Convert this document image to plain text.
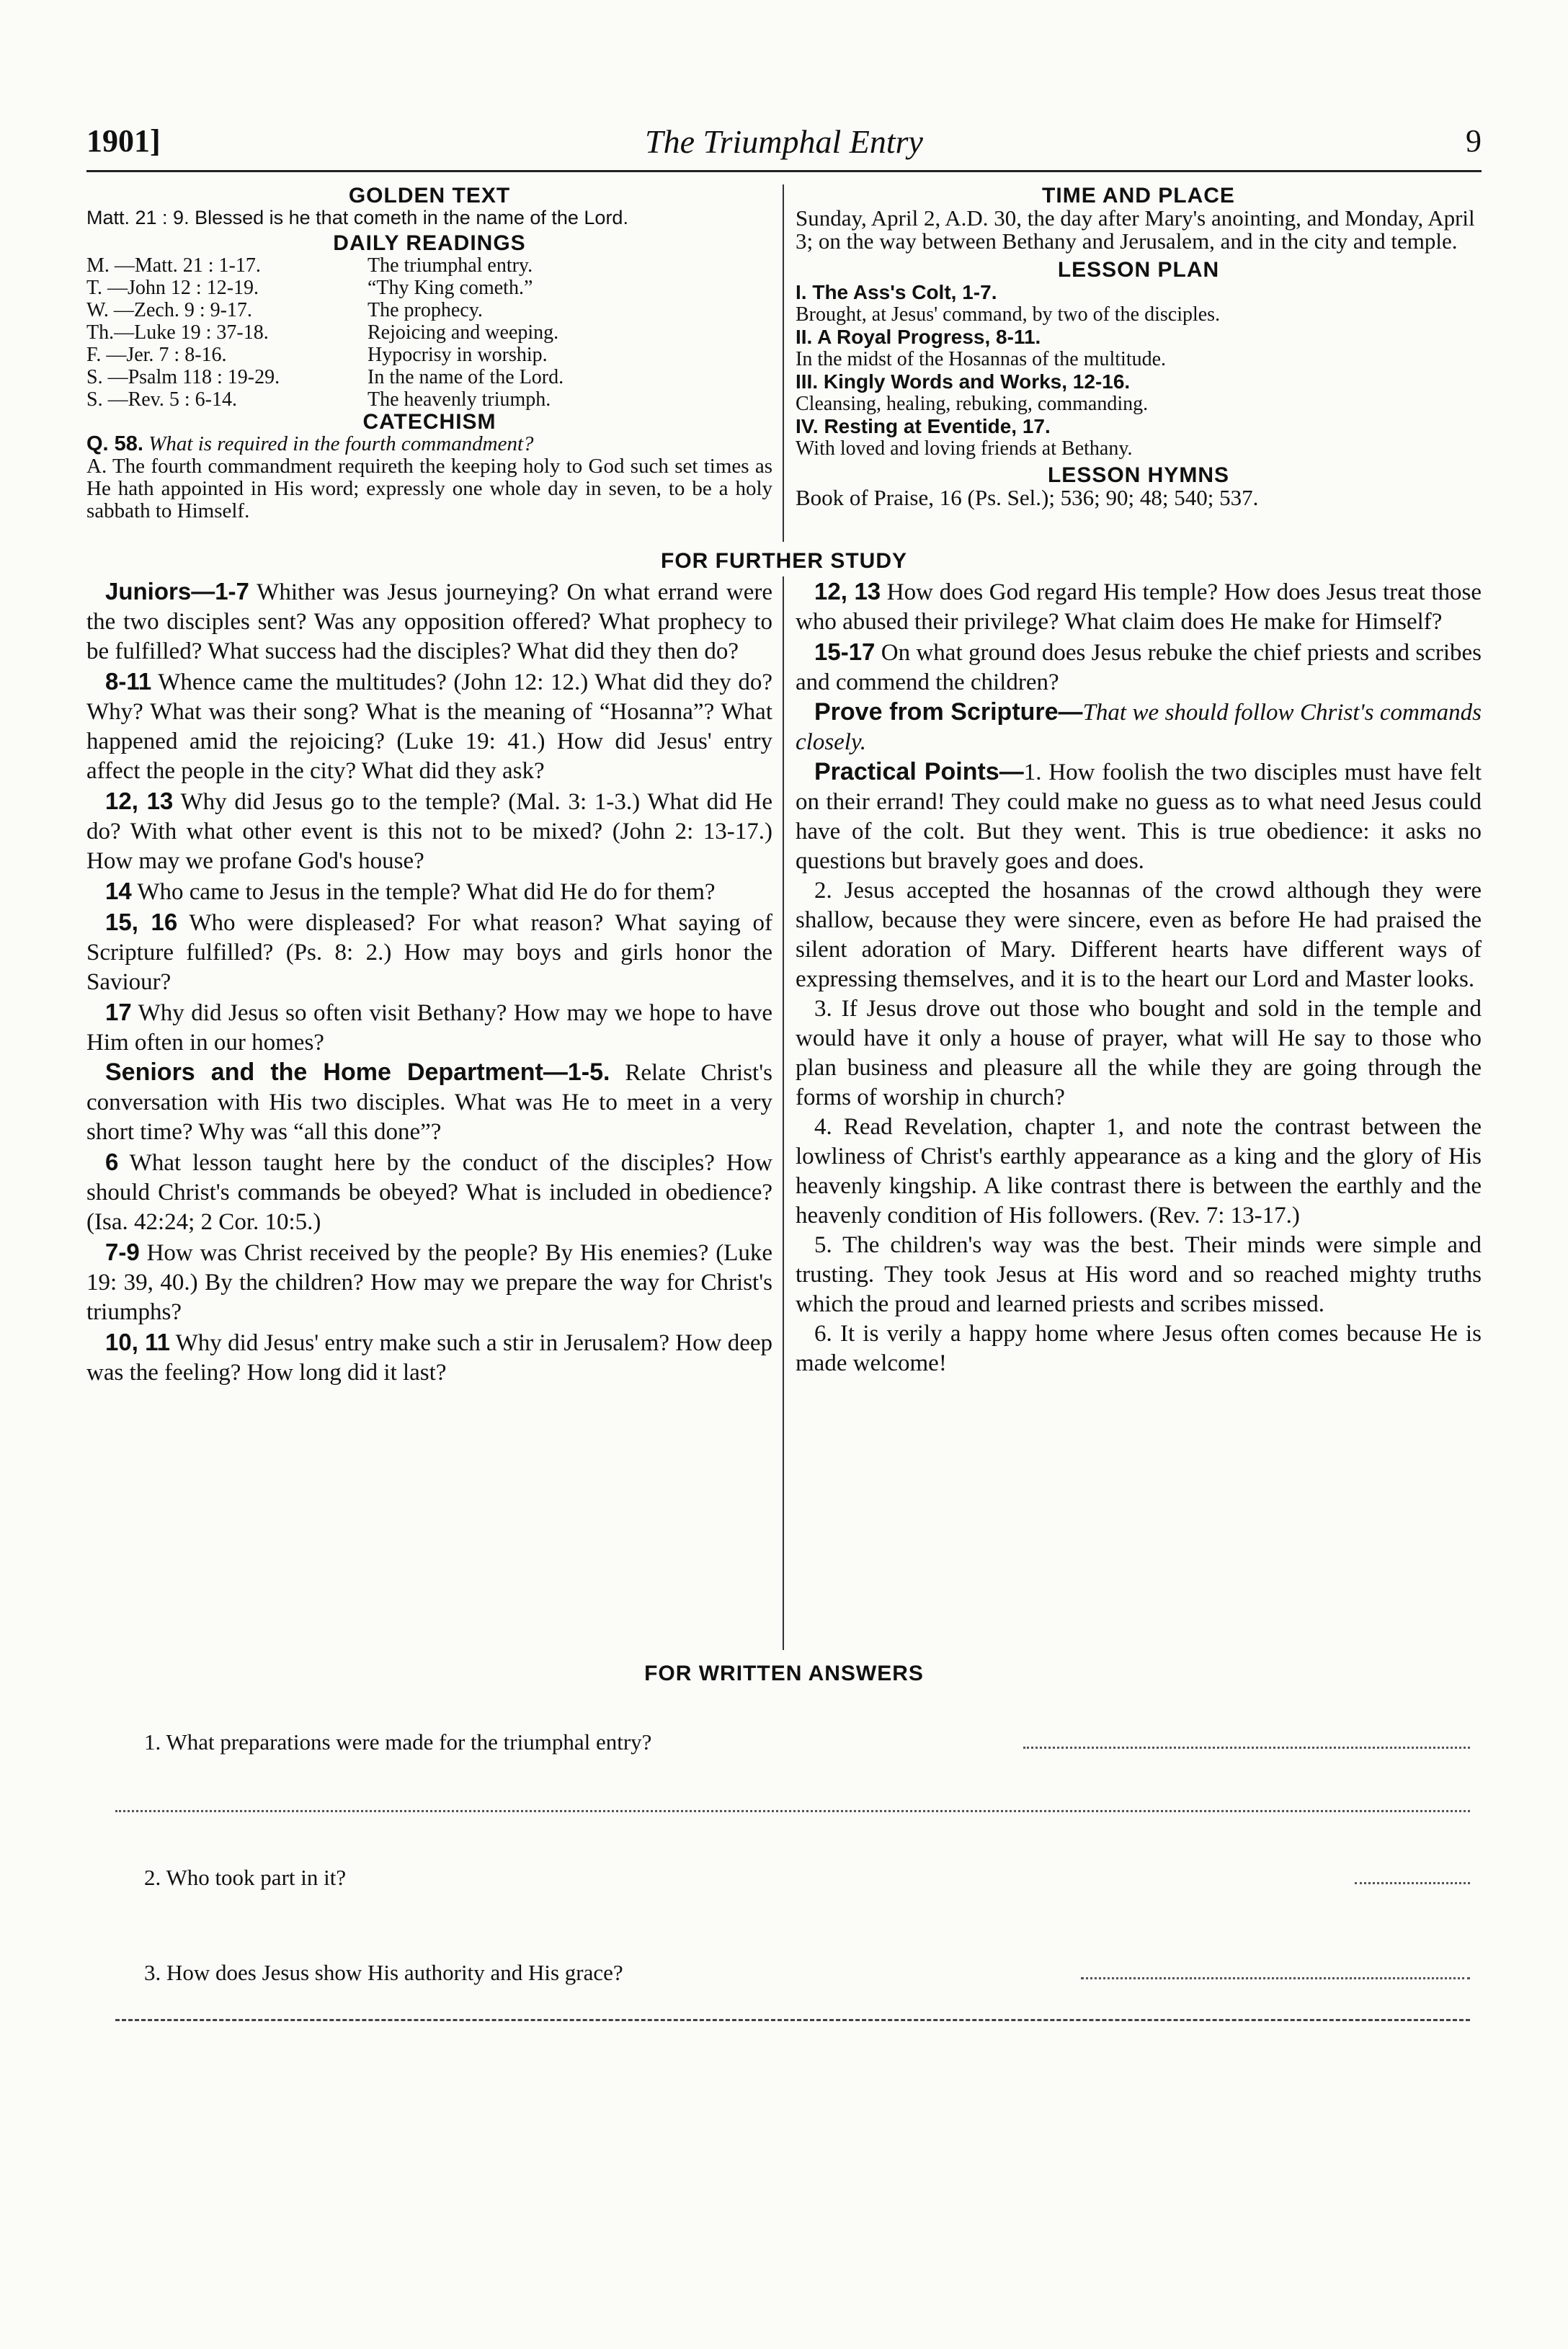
1901]	The Triumphal Entry	9
GOLDEN TEXT
Matt. 21 : 9. Blessed is he that cometh in the name of the Lord.
DAILY READINGS
M. —Matt. 21 : 1-17.	The triumphal entry.
T. —John 12 : 12-19.	“Thy King cometh.”
W. —Zech. 9 : 9-17.	The prophecy.
Th.—Luke 19 : 37-18.	Rejoicing and weeping.
F. —Jer. 7 : 8-16.	Hypocrisy in worship.
S. —Psalm 118 : 19-29.	In the name of the Lord.
S. —Rev. 5 : 6-14.	The heavenly triumph.
CATECHISM
Q. 58. What is required in the fourth commandment?
A. The fourth commandment requireth the keeping holy to God such set times as He hath appointed in His word; expressly one whole day in seven, to be a holy sabbath to Himself.
TIME AND PLACE
Sunday, April 2, A.D. 30, the day after Mary's anointing, and Monday, April 3; on the way between Bethany and Jerusalem, and in the city and temple.
LESSON PLAN
I. The Ass's Colt, 1-7.
Brought, at Jesus' command, by two of the disciples.
II. A Royal Progress, 8-11.
In the midst of the Hosannas of the multitude.
III. Kingly Words and Works, 12-16.
Cleansing, healing, rebuking, commanding.
IV. Resting at Eventide, 17.
With loved and loving friends at Bethany.
LESSON HYMNS
Book of Praise, 16 (Ps. Sel.); 536; 90; 48; 540; 537.
FOR FURTHER STUDY

Juniors—1-7 Whither was Jesus journeying? On what errand were the two disciples sent? Was any opposition offered? What prophecy to be fulfilled? What success had the disciples? What did they then do?

8-11 Whence came the multitudes? (John 12: 12.) What did they do? Why? What was their song? What is the meaning of “Hosanna”? What happened amid the rejoicing? (Luke 19: 41.) How did Jesus' entry affect the people in the city? What did they ask?

12, 13 Why did Jesus go to the temple? (Mal. 3: 1-3.) What did He do? With what other event is this not to be mixed? (John 2: 13-17.) How may we profane God's house?

14 Who came to Jesus in the temple? What did He do for them?

15, 16 Who were displeased? For what reason? What saying of Scripture fulfilled? (Ps. 8: 2.) How may boys and girls honor the Saviour?

17 Why did Jesus so often visit Bethany? How may we hope to have Him often in our homes?

Seniors and the Home Department—1-5. Relate Christ's conversation with His two disciples. What was He to meet in a very short time? Why was “all this done”?

6 What lesson taught here by the conduct of the disciples? How should Christ's commands be obeyed? What is included in obedience? (Isa. 42:24; 2 Cor. 10:5.)

7-9 How was Christ received by the people? By His enemies? (Luke 19: 39, 40.) By the children? How may we prepare the way for Christ's triumphs?

10, 11 Why did Jesus' entry make such a stir in Jerusalem? How deep was the feeling? How long did it last?

12, 13 How does God regard His temple? How does Jesus treat those who abused their privilege? What claim does He make for Himself?

15-17 On what ground does Jesus rebuke the chief priests and scribes and commend the children?

Prove from Scripture—That we should follow Christ's commands closely.

Practical Points—1. How foolish the two disciples must have felt on their errand! They could make no guess as to what need Jesus could have of the colt. But they went. This is true obedience: it asks no questions but bravely goes and does.

2. Jesus accepted the hosannas of the crowd although they were shallow, because they were sincere, even as before He had praised the silent adoration of Mary. Different hearts have different ways of expressing themselves, and it is to the heart our Lord and Master looks.

3. If Jesus drove out those who bought and sold in the temple and would have it only a house of prayer, what will He say to those who plan business and pleasure all the while they are going through the forms of worship in church?

4. Read Revelation, chapter 1, and note the contrast between the lowliness of Christ's earthly appearance as a king and the glory of His heavenly kingship. A like contrast there is between the earthly and the heavenly condition of His followers. (Rev. 7: 13-17.)

5. The children's way was the best. Their minds were simple and trusting. They took Jesus at His word and so reached mighty truths which the proud and learned priests and scribes missed.

6. It is verily a happy home where Jesus often comes because He is made welcome!

FOR WRITTEN ANSWERS
1. What preparations were made for the triumphal entry?
2. Who took part in it?
3. How does Jesus show His authority and His grace?
